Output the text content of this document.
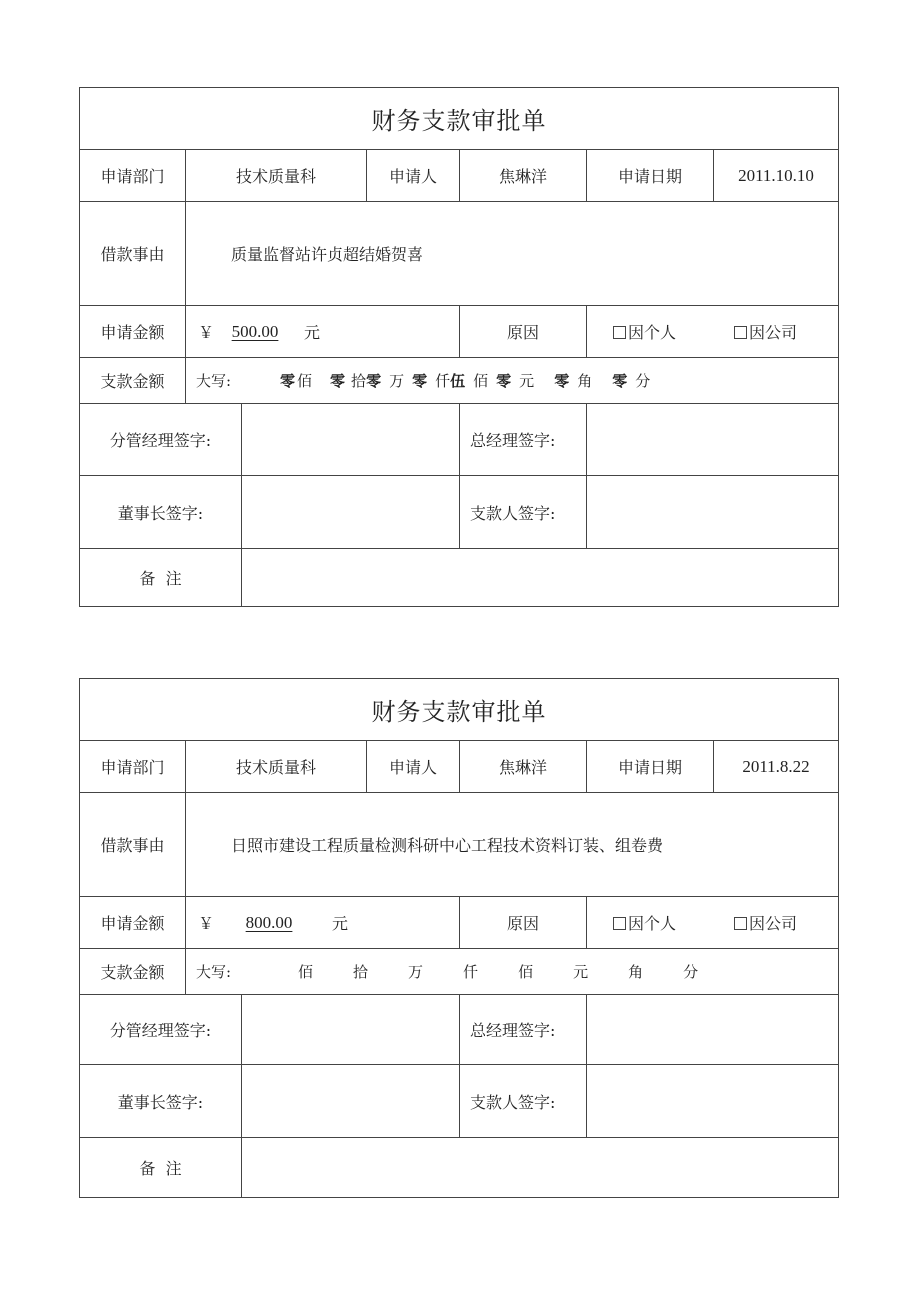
财务支款审批单
申请部门	技术质量科	申请人	焦琳洋	申请日期	2011.10.10
借款事由	质量监督站许贞超结婚贺喜
申请金额	￥	500.00	元	原因	因个人	因公司
支款金额	大写:	零 佰 零 拾 零 万 零 仟 伍 佰 零 元 零 角 零 分
分管经理签字:	总经理签字:
董事长签字:	支款人签字:
备  注
财务支款审批单
申请部门	技术质量科	申请人	焦琳洋	申请日期	2011.8.22
借款事由	日照市建设工程质量检测科研中心工程技术资料订装、组卷费
申请金额	￥	800.00	元	原因	因个人	因公司
支款金额	大写:	佰	拾	万	仟	佰	元	角	分
分管经理签字:	总经理签字:
董事长签字:	支款人签字:
备  注
